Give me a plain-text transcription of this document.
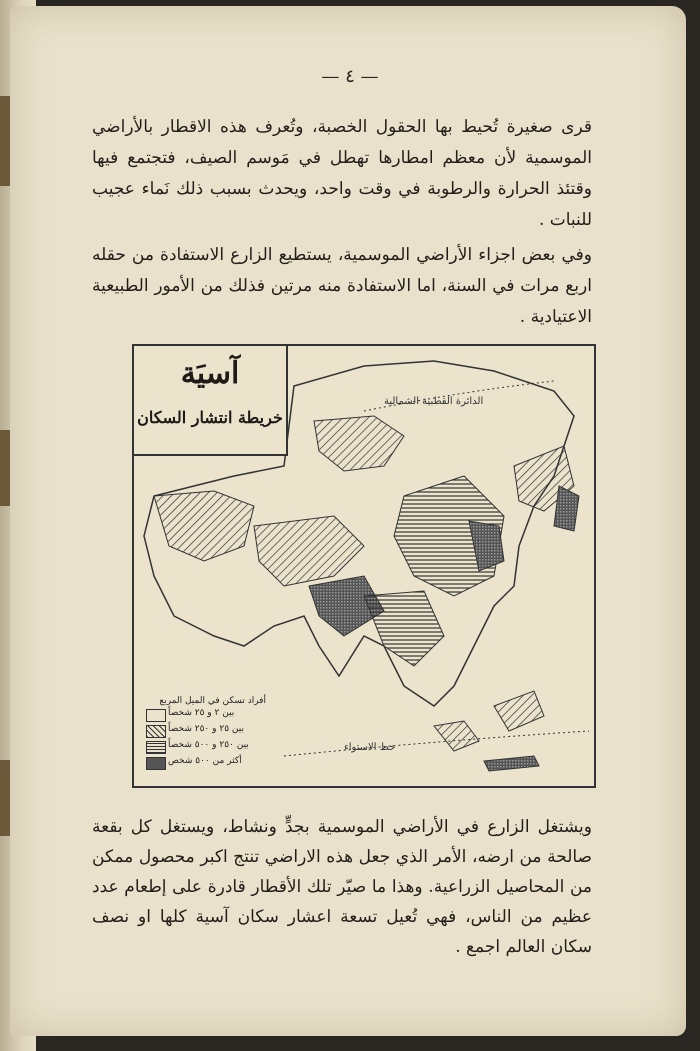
— ٤ —

قرى صغيرة تُحيط بها الحقول الخصبة، وتُعرف هذه الاقطار بالأراضي الموسمية لأن معظم امطارها تهطل في مَوسم الصيف، فتجتمع فيها وقتئذ الحرارة والرطوبة في وقت واحد، ويحدث بسبب ذلك نَماء عجيب للنبات .

وفي بعض اجزاء الأراضي الموسمية، يستطيع الزارع الاستفادة من حقله اربع مرات في السنة، اما الاستفادة منه مرتين فذلك من الأمور الطبيعية الاعتيادية .

آسيَة
خريطة انتشار السكان
الدائرة القطبية الشمالية
خط الاستواء
أفراد تسكن في الميل المربع
بين ٢ و ٢٥ شخصاً
بين ٢٥ و ٢٥٠ شخصاً
بين ٢٥٠ و ٥٠٠ شخصاً
أكثر من ٥٠٠ شخص

ويشتغل الزارع في الأراضي الموسمية بجدٍّ ونشاط، ويستغل كل بقعة صالحة من ارضه، الأمر الذي جعل هذه الاراضي تنتج اكبر محصول ممكن من المحاصيل الزراعية. وهذا ما صيّر تلك الأقطار قادرة على إطعام عدد عظيم من الناس، فهي تُعيل تسعة اعشار سكان آسية كلها او نصف سكان العالم اجمع .
